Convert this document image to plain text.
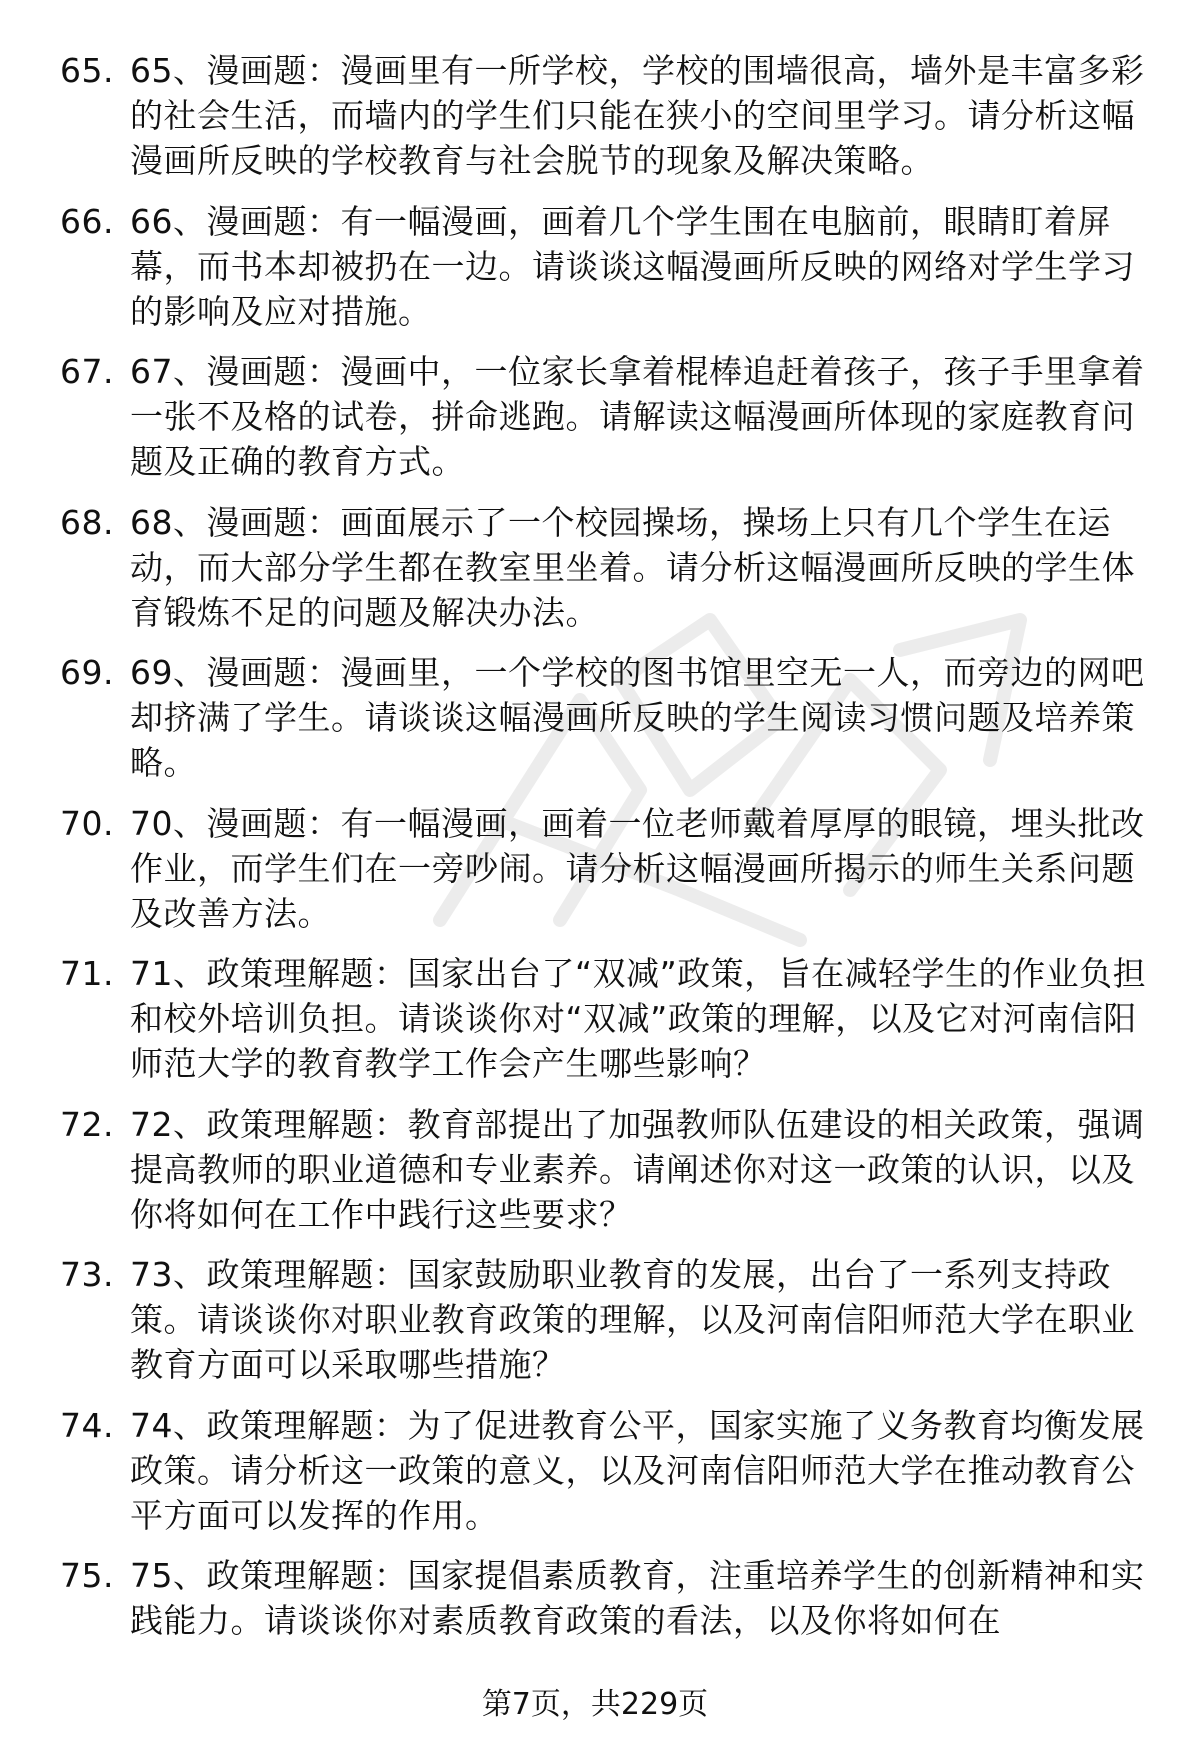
65. 65、漫画题：漫画里有一所学校，学校的围墙很高，墙外是丰富多彩的社会生活，而墙内的学生们只能在狭小的空间里学习。请分析这幅漫画所反映的学校教育与社会脱节的现象及解决策略。
66. 66、漫画题：有一幅漫画，画着几个学生围在电脑前，眼睛盯着屏幕，而书本却被扔在一边。请谈谈这幅漫画所反映的网络对学生学习的影响及应对措施。
67. 67、漫画题：漫画中，一位家长拿着棍棒追赶着孩子，孩子手里拿着一张不及格的试卷，拼命逃跑。请解读这幅漫画所体现的家庭教育问题及正确的教育方式。
68. 68、漫画题：画面展示了一个校园操场，操场上只有几个学生在运动，而大部分学生都在教室里坐着。请分析这幅漫画所反映的学生体育锻炼不足的问题及解决办法。
69. 69、漫画题：漫画里，一个学校的图书馆里空无一人，而旁边的网吧却挤满了学生。请谈谈这幅漫画所反映的学生阅读习惯问题及培养策略。
70. 70、漫画题：有一幅漫画，画着一位老师戴着厚厚的眼镜，埋头批改作业，而学生们在一旁吵闹。请分析这幅漫画所揭示的师生关系问题及改善方法。
71. 71、政策理解题：国家出台了“双减”政策，旨在减轻学生的作业负担和校外培训负担。请谈谈你对“双减”政策的理解，以及它对河南信阳师范大学的教育教学工作会产生哪些影响？
72. 72、政策理解题：教育部提出了加强教师队伍建设的相关政策，强调提高教师的职业道德和专业素养。请阐述你对这一政策的认识，以及你将如何在工作中践行这些要求？
73. 73、政策理解题：国家鼓励职业教育的发展，出台了一系列支持政策。请谈谈你对职业教育政策的理解，以及河南信阳师范大学在职业教育方面可以采取哪些措施？
74. 74、政策理解题：为了促进教育公平，国家实施了义务教育均衡发展政策。请分析这一政策的意义，以及河南信阳师范大学在推动教育公平方面可以发挥的作用。
75. 75、政策理解题：国家提倡素质教育，注重培养学生的创新精神和实践能力。请谈谈你对素质教育政策的看法，以及你将如何在
第7页，共229页
